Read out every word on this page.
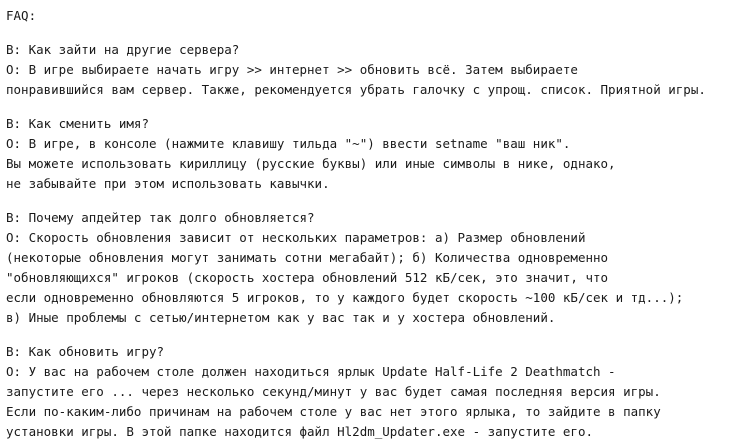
FAQ:
В: Как зайти на другие сервера?
О: В игре выбираете начать игру >> интернет >> обновить всё. Затем выбираете
понравившийся вам сервер. Также, рекомендуется убрать галочку с упрощ. список. Приятной игры.
В: Как сменить имя?
О: В игре, в консоле (нажмите клавишу тильда "~") ввести setname "ваш ник".
Вы можете использовать кириллицу (русские буквы) или иные символы в нике, однако,
не забывайте при этом использовать кавычки.
В: Почему апдейтер так долго обновляется?
О: Скорость обновления зависит от нескольких параметров: а) Размер обновлений
(некоторые обновления могут занимать сотни мегабайт); б) Количества одновременно
"обновляющихся" игроков (скорость хостера обновлений 512 кБ/сек, это значит, что
если одновременно обновляются 5 игроков, то у каждого будет скорость ~100 кБ/сек и тд...);
в) Иные проблемы с сетью/интернетом как у вас так и у хостера обновлений.
В: Как обновить игру?
О: У вас на рабочем столе должен находиться ярлык Update Half-Life 2 Deathmatch -
запустите его ... через несколько секунд/минут у вас будет самая последняя версия игры.
Если по-каким-либо причинам на рабочем столе у вас нет этого ярлыка, то зайдите в папку
установки игры. В этой папке находится файл Hl2dm_Updater.exe - запустите его.
